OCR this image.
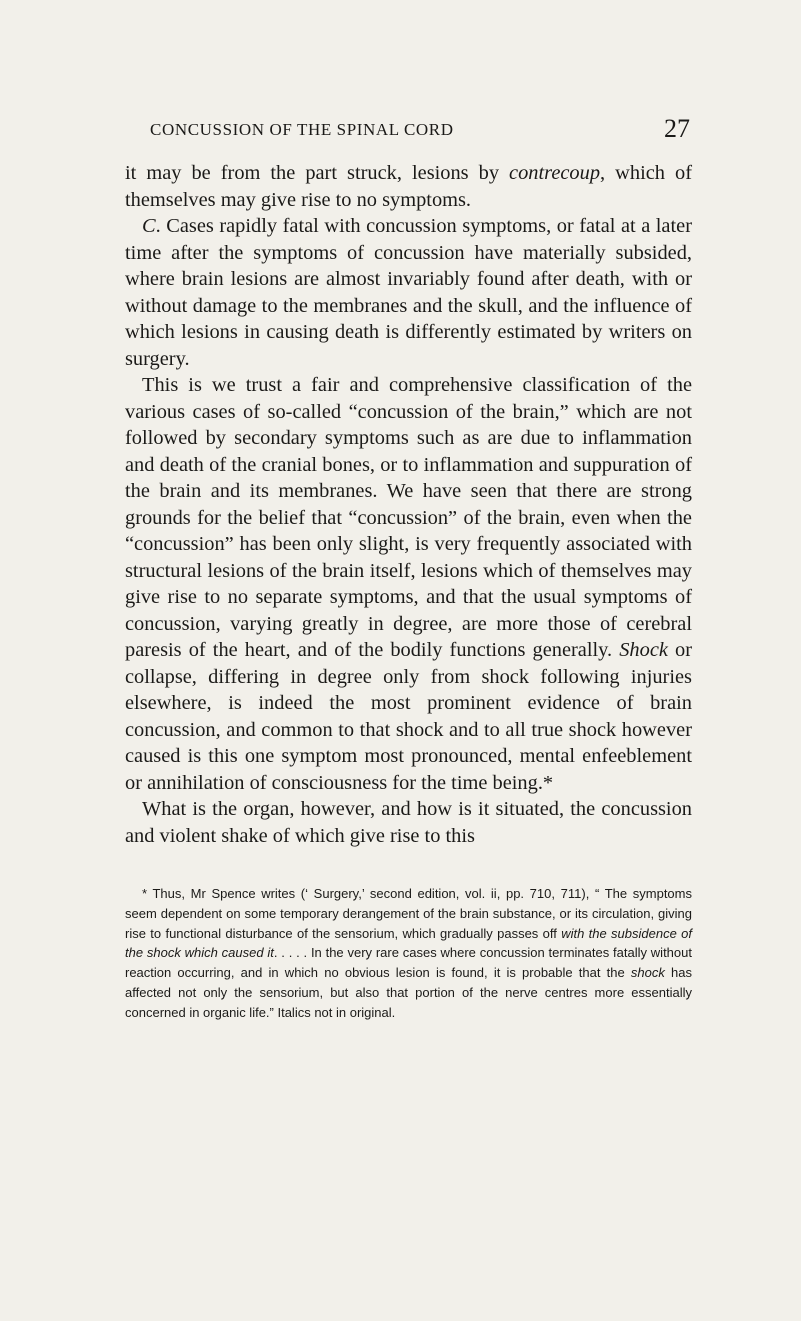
CONCUSSION OF THE SPINAL CORD	27

it may be from the part struck, lesions by contrecoup, which of themselves may give rise to no symptoms.

C. Cases rapidly fatal with concussion symptoms, or fatal at a later time after the symptoms of concussion have materially subsided, where brain lesions are almost invariably found after death, with or without damage to the membranes and the skull, and the influence of which lesions in causing death is differently estimated by writers on surgery.

This is we trust a fair and comprehensive classification of the various cases of so-called “concussion of the brain,” which are not followed by secondary symptoms such as are due to inflammation and death of the cranial bones, or to inflammation and suppuration of the brain and its membranes. We have seen that there are strong grounds for the belief that “concussion” of the brain, even when the “concussion” has been only slight, is very frequently associated with structural lesions of the brain itself, lesions which of themselves may give rise to no separate symptoms, and that the usual symptoms of concussion, varying greatly in degree, are more those of cerebral paresis of the heart, and of the bodily functions generally. Shock or collapse, differing in degree only from shock following injuries elsewhere, is indeed the most prominent evidence of brain concussion, and common to that shock and to all true shock however caused is this one symptom most pronounced, mental enfeeblement or annihilation of consciousness for the time being.*

What is the organ, however, and how is it situated, the concussion and violent shake of which give rise to this

* Thus, Mr Spence writes (‘ Surgery,’ second edition, vol. ii, pp. 710, 711), “ The symptoms seem dependent on some temporary derangement of the brain substance, or its circulation, giving rise to functional disturbance of the sensorium, which gradually passes off with the subsidence of the shock which caused it. . . . . In the very rare cases where concussion terminates fatally without reaction occurring, and in which no obvious lesion is found, it is probable that the shock has affected not only the sensorium, but also that portion of the nerve centres more essentially concerned in organic life.” Italics not in original.
